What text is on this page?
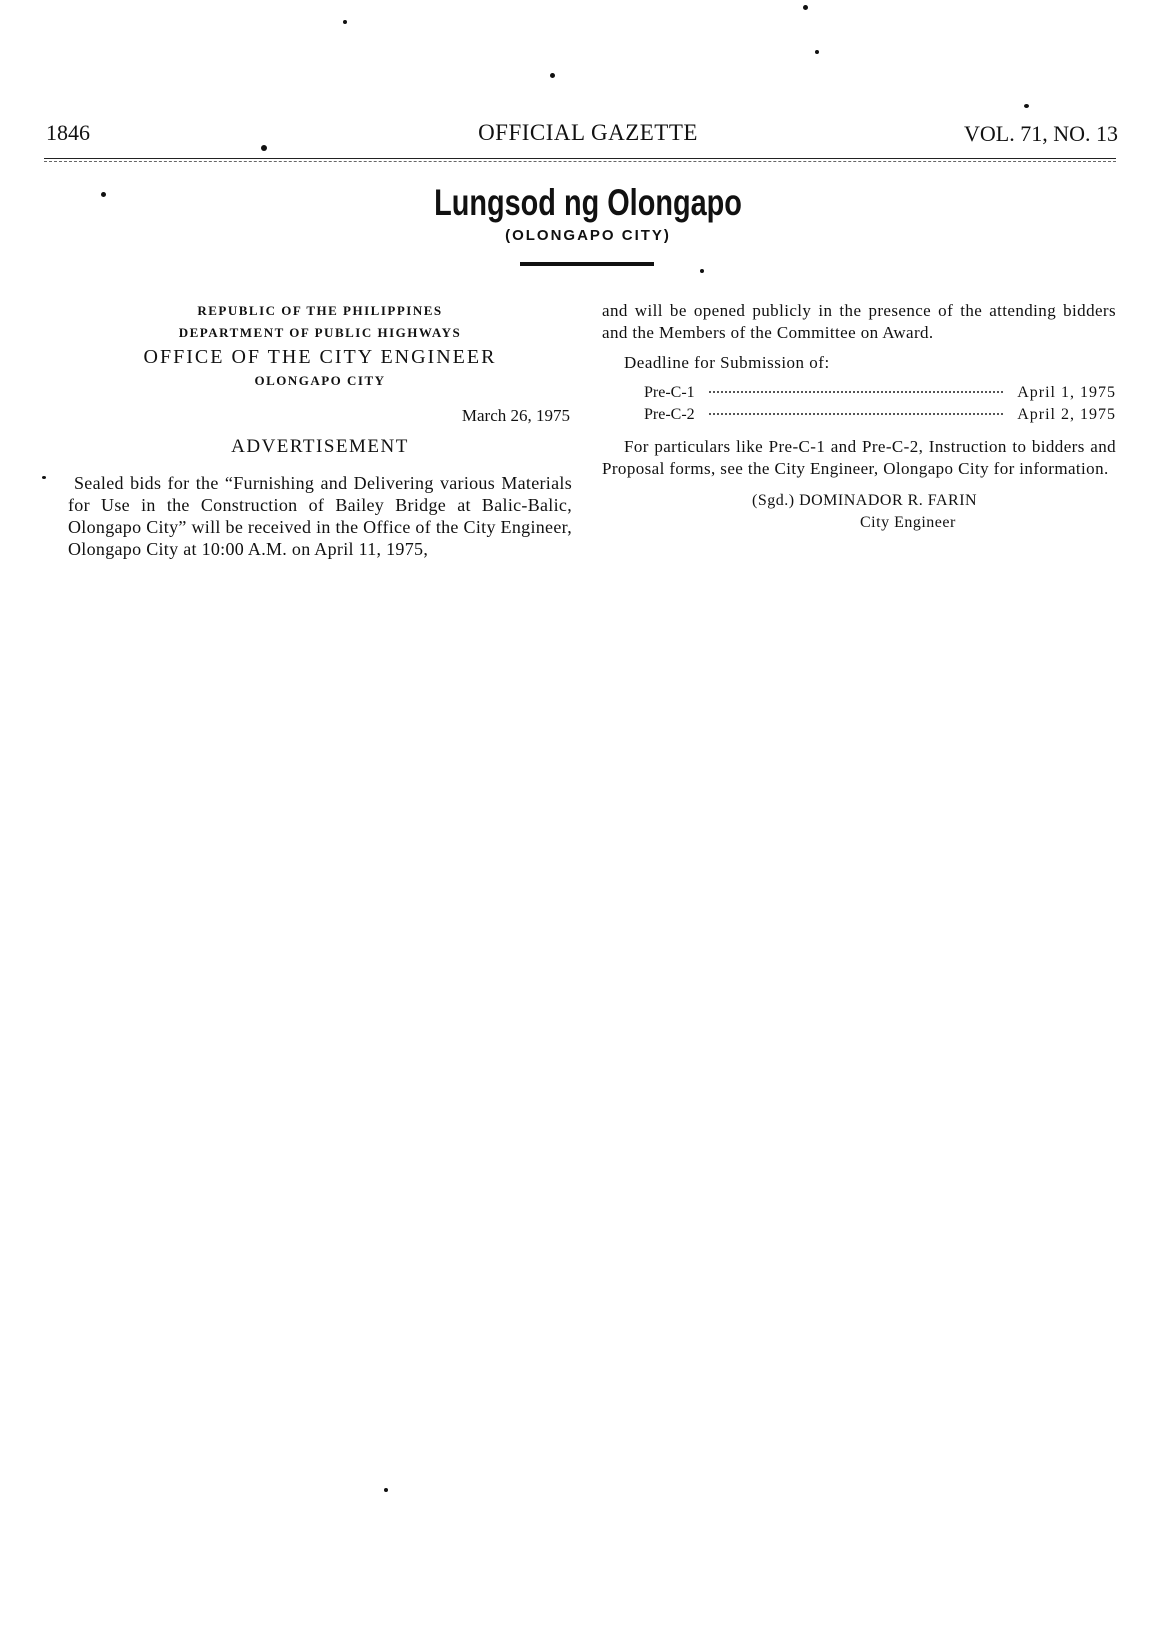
1846	OFFICIAL GAZETTE	VOL. 71, NO. 13
Lungsod ng Olongapo
(OLONGAPO CITY)
REPUBLIC OF THE PHILIPPINES
DEPARTMENT OF PUBLIC HIGHWAYS
OFFICE OF THE CITY ENGINEER
OLONGAPO CITY
March 26, 1975
ADVERTISEMENT

Sealed bids for the “Furnishing and Delivering various Materials for Use in the Construction of Bailey Bridge at Balic-Balic, Olongapo City” will be received in the Office of the City Engineer, Olongapo City at 10:00 A.M. on April 11, 1975,

and will be opened publicly in the presence of the attending bidders and the Members of the Committee on Award.

Deadline for Submission of:
Pre-C-1	April 1, 1975
Pre-C-2	April 2, 1975

For particulars like Pre-C-1 and Pre-C-2, Instruction to bidders and Proposal forms, see the City Engineer, Olongapo City for information.

(Sgd.) DOMINADOR R. FARIN
City Engineer
